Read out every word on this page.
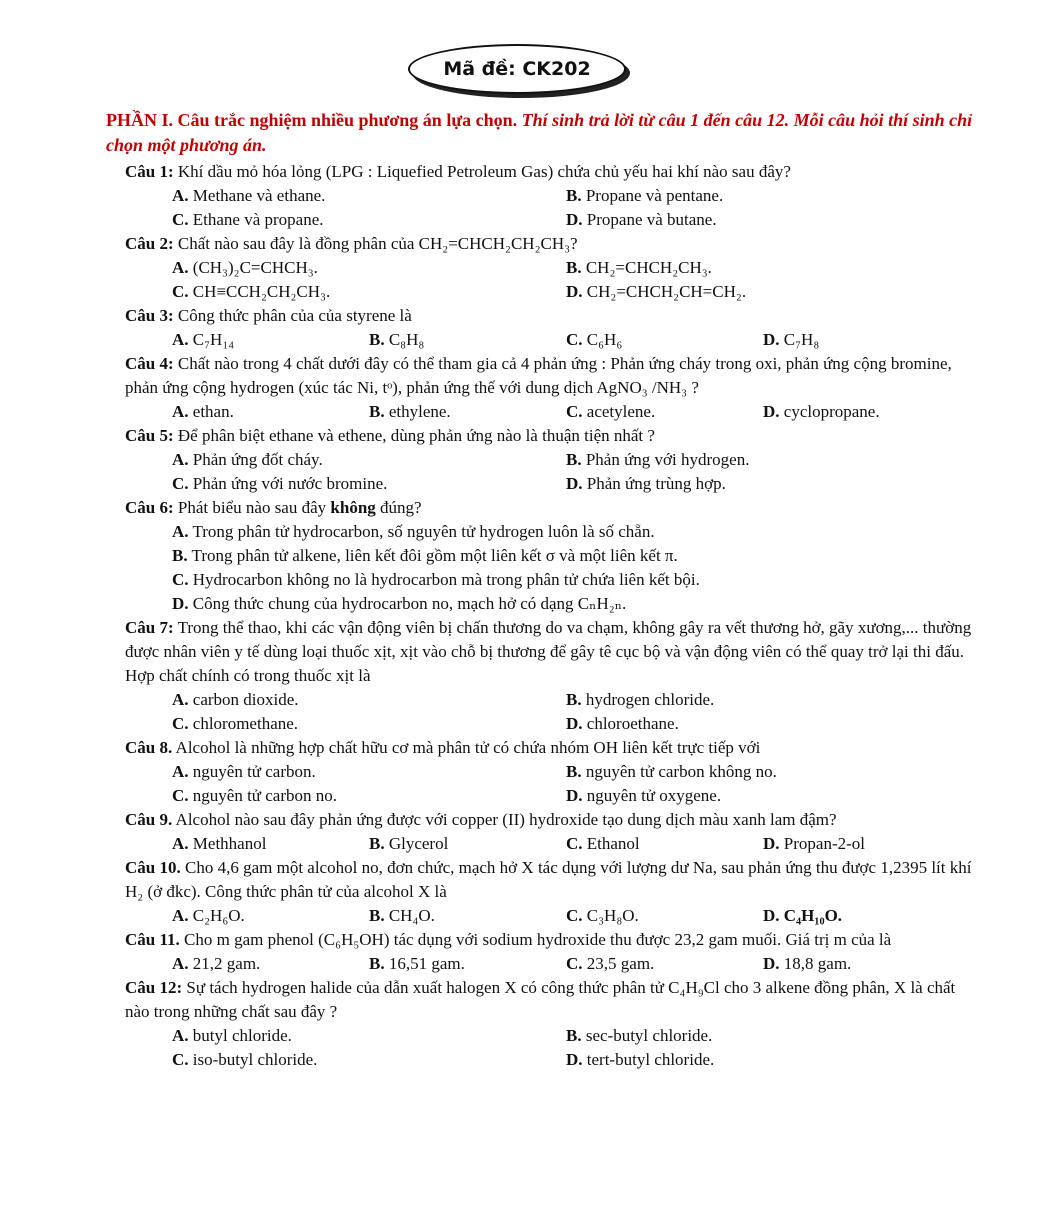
Mã đề: CK202
PHẦN I. Câu trắc nghiệm nhiều phương án lựa chọn. Thí sinh trả lời từ câu 1 đến câu 12. Mỗi câu hỏi thí sinh chỉ chọn một phương án.

Câu 1: Khí dầu mỏ hóa lỏng (LPG : Liquefied Petroleum Gas) chứa chủ yếu hai khí nào sau đây?

A. Methane và ethane.	B. Propane và pentane.
C. Ethane và propane.	D. Propane và butane.

Câu 2: Chất nào sau đây là đồng phân của CH₂=CHCH₂CH₂CH₃?

A. (CH₃)₂C=CHCH₃.	B. CH₂=CHCH₂CH₃.
C. CH≡CCH₂CH₂CH₃.	D. CH₂=CHCH₂CH=CH₂.

Câu 3: Công thức phân của của styrene là

A. C₇H₁₄	B. C₈H₈	C. C₆H₆	D. C₇H₈

Câu 4: Chất nào trong 4 chất dưới đây có thể tham gia cả 4 phản ứng : Phản ứng cháy trong oxi, phản ứng cộng bromine, phản ứng cộng hydrogen (xúc tác Ni, tᵒ), phản ứng thế với dung dịch AgNO₃ /NH₃ ?

A. ethan.	B. ethylene.	C. acetylene.	D. cyclopropane.

Câu 5: Để phân biệt ethane và ethene, dùng phản ứng nào là thuận tiện nhất ?

A. Phản ứng đốt cháy.	B. Phản ứng với hydrogen.
C. Phản ứng với nước bromine.	D. Phản ứng trùng hợp.

Câu 6: Phát biểu nào sau đây không đúng?

A. Trong phân tử hydrocarbon, số nguyên tử hydrogen luôn là số chẵn.
B. Trong phân tử alkene, liên kết đôi gồm một liên kết σ và một liên kết π.
C. Hydrocarbon không no là hydrocarbon mà trong phân tử chứa liên kết bội.
D. Công thức chung của hydrocarbon no, mạch hở có dạng CₙH₂ₙ.

Câu 7: Trong thể thao, khi các vận động viên bị chấn thương do va chạm, không gây ra vết thương hở, gãy xương,... thường được nhân viên y tế dùng loại thuốc xịt, xịt vào chỗ bị thương để gây tê cục bộ và vận động viên có thể quay trở lại thi đấu. Hợp chất chính có trong thuốc xịt là

A. carbon dioxide.	B. hydrogen chloride.
C. chloromethane.	D. chloroethane.

Câu 8. Alcohol là những hợp chất hữu cơ mà phân tử có chứa nhóm OH liên kết trực tiếp với

A. nguyên tử carbon.	B. nguyên tử carbon không no.
C. nguyên tử carbon no.	D. nguyên tử oxygene.

Câu 9. Alcohol nào sau đây phản ứng được với copper (II) hydroxide tạo dung dịch màu xanh lam đậm?

A. Methhanol	B. Glycerol	C. Ethanol	D. Propan-2-ol

Câu 10. Cho 4,6 gam một alcohol no, đơn chức, mạch hở X tác dụng với lượng dư Na, sau phản ứng thu được 1,2395 lít khí H₂ (ở đkc). Công thức phân tử của alcohol X là

A. C₂H₆O.	B. CH₄O.	C. C₃H₈O.	D. C₄H₁₀O.

Câu 11. Cho m gam phenol (C₆H₅OH) tác dụng với sodium hydroxide thu được 23,2 gam muối. Giá trị m của là

A. 21,2 gam.	B. 16,51 gam.	C. 23,5 gam.	D. 18,8 gam.

Câu 12: Sự tách hydrogen halide của dẫn xuất halogen X có công thức phân tử C₄H₉Cl cho 3 alkene đồng phân, X là chất nào trong những chất sau đây ?

A. butyl chloride.	B. sec-butyl chloride.
C. iso-butyl chloride.	D. tert-butyl chloride.
